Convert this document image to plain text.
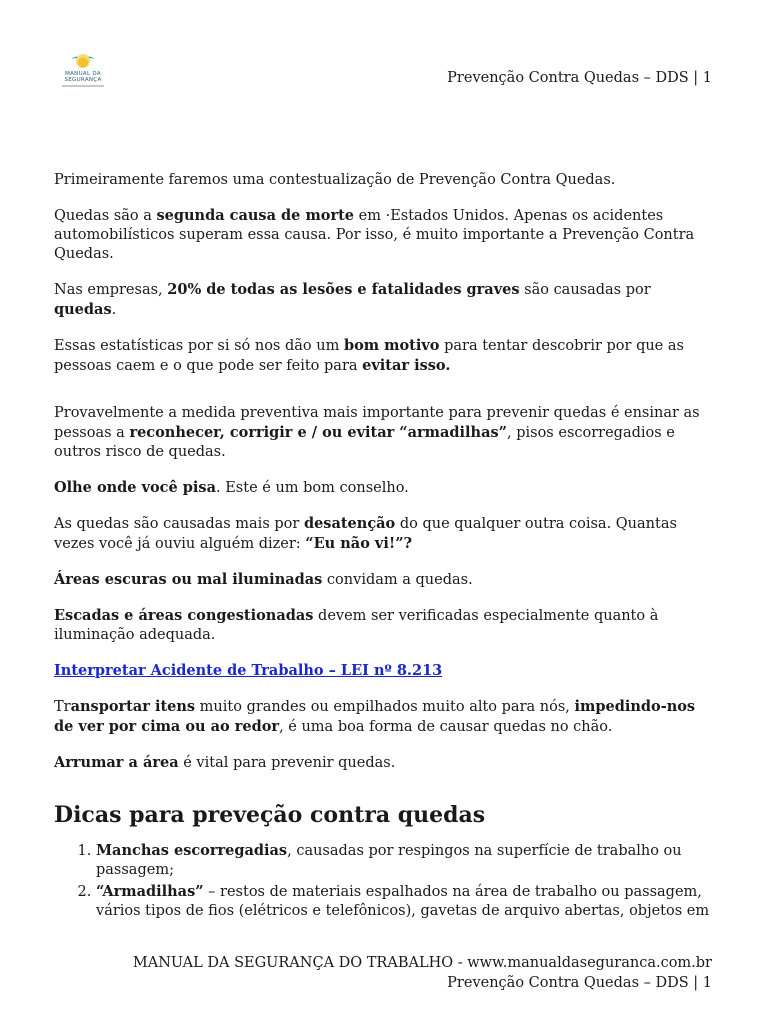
MANUAL DA
SEGURANÇA	Prevenção Contra Quedas – DDS | 1

Primeiramente faremos uma contestualização de Prevenção Contra Quedas.

Quedas são a segunda causa de morte em ·Estados Unidos. Apenas os acidentes automobilísticos superam essa causa. Por isso, é muito importante a Prevenção Contra Quedas.

Nas empresas, 20% de todas as lesões e fatalidades graves são causadas por quedas.

Essas estatísticas por si só nos dão um bom motivo para tentar descobrir por que as pessoas caem e o que pode ser feito para evitar isso.

Provavelmente a medida preventiva mais importante para prevenir quedas é ensinar as pessoas a reconhecer, corrigir e / ou evitar “armadilhas”, pisos escorregadios e outros risco de quedas.

Olhe onde você pisa. Este é um bom conselho.

As quedas são causadas mais por desatenção do que qualquer outra coisa. Quantas vezes você já ouviu alguém dizer: “Eu não vi!”?

Áreas escuras ou mal iluminadas convidam a quedas.

Escadas e áreas congestionadas devem ser verificadas especialmente quanto à iluminação adequada.

Interpretar Acidente de Trabalho – LEI nº 8.213

Transportar itens muito grandes ou empilhados muito alto para nós, impedindo-nos de ver por cima ou ao redor, é uma boa forma de causar quedas no chão.

Arrumar a área é vital para prevenir quedas.

Dicas para preveção contra quedas
1. Manchas escorregadias, causadas por respingos na superfície de trabalho ou passagem;
2. “Armadilhas” – restos de materiais espalhados na área de trabalho ou passagem, vários tipos de fios (elétricos e telefônicos), gavetas de arquivo abertas, objetos em
MANUAL DA SEGURANÇA DO TRABALHO - www.manualdaseguranca.com.br Prevenção Contra Quedas – DDS | 1
